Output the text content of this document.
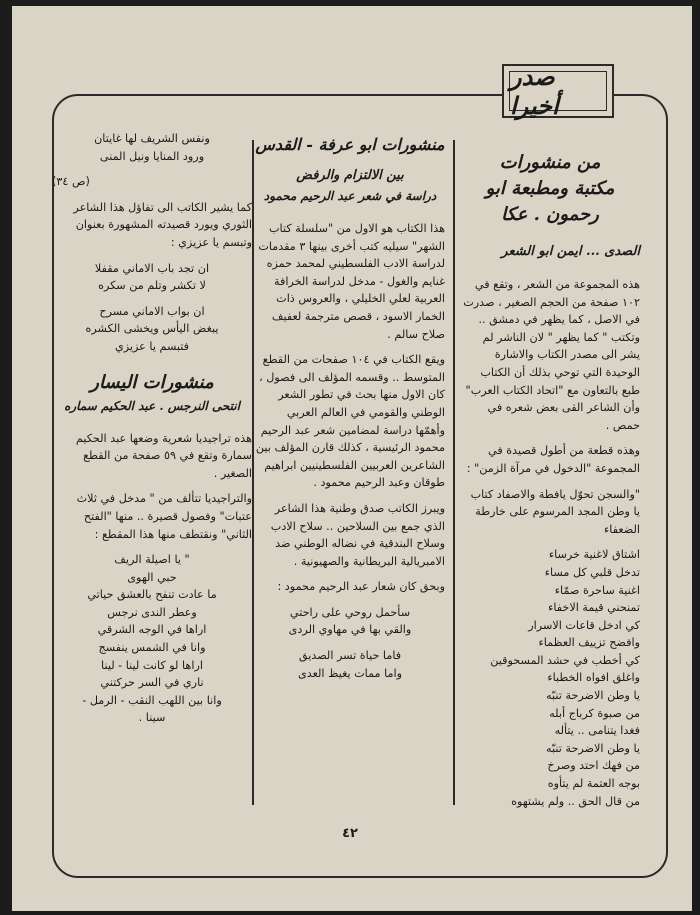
صدر أخيرا
من منشورات
مكتبة ومطبعة ابو رحمون . عكا
الصدى ... ايمن ابو الشعر

هذه المجموعة من الشعر ، وتقع في ١٠٢ صفحة من الحجم الصغير ، صدرت في الاصل ، كما يظهر في دمشق .. وتكتب " كما يظهر " لان الناشر لم يشر الى مصدر الكتاب والاشارة الوحيدة التي توحي بذلك أن الكتاب طبع بالتعاون مع "اتحاد الكتاب العرب" وأن الشاعر القى بعض شعره في حمص .

وهذه قطعة من أطول قصيدة في المجموعة "الدخول في مرآة الزمن" :

"والسجن تحوّل يافطة والاصفاد كتاب

يا وطن المجد المرسوم على خارطة الضعفاء

اشتاق لاغنية خرساء

تدخل قلبي كل مساء

اغنية ساحرة صمّاء

تمنحني قيمة الاخفاء

كي ادخل قاعات الاسرار

وافضح تزييف العظماء

كي أخطب في حشد المسحوقين

واغلق افواه الخطباء

يا وطن الاضرحة تنبّه

من صبوة كرباج أبله

فغدا يتنامى .. يتأله

يا وطن الاضرحة تنبّه

من فهك احتد وصرخ

بوجه العتمة لم يتأوه

من قال الحق .. ولم يشتهوه

منشورات ابو عرفة - القدس
بين الالتزام والرفض
دراسة في شعر عبد الرحيم محمود

هذا الكتاب هو الاول من "سلسلة كتاب الشهر" سيليه كتب أخرى بينها ٣ مقدمات لدراسة الادب الفلسطيني لمحمد حمزه غنايم والغول - مدخل لدراسة الخرافة العربية لعلي الخليلي ، والعروس ذات الخمار الاسود ، قصص مترجمة لعفيف صلاح سالم .

ويقع الكتاب في ١٠٤ صفحات من القطع المتوسط .. وقسمه المؤلف الى فصول ، كان الاول منها بحث في تطور الشعر الوطني والقومي في العالم العربي وأهمّها دراسة لمضامين شعر عبد الرحيم محمود الرئيسية ، كذلك قارن المؤلف بين الشاعرين العربيين الفلسطينيين ابراهيم طوقان وعبد الرحيم محمود .

ويبرز الكاتب صدق وطنية هذا الشاعر الذي جمع بين السلاحين .. سلاح الادب وسلاح البندقية في نضاله الوطني ضد الامبريالية البريطانية والصهيونية .

وبحق كان شعار عبد الرحيم محمود :

سأحمل روحي على راحتي

والقي بها في مهاوي الردى

فاما حياة تسر الصديق

واما ممات يغيظ العدى

ونفس الشريف لها غايتان

ورود المنايا ونيل المنى

(ص ٣٤)

كما يشير الكاتب الى تفاؤل هذا الشاعر الثوري ويورد قصيدته المشهورة بعنوان وتبسم يا عزيزي :

ان تجد باب الاماني مقفلا

لا تكشر وتلم من سكره

ان بواب الاماني مسرح

يبغض اليأس ويخشى الكشره

فتبسم يا عزيزي

منشورات اليسار
انتحى النرجس . عبد الحكيم سماره

هذه تراجيديا شعرية وضعها عبد الحكيم سمارة وتقع في ٥٩ صفحة من القطع الصغير .

والتراجيديا تتألف من " مدخل في ثلاث عتبات" وفصول قصيرة .. منها "الفتح الثاني" ونقتطف منها هذا المقطع :

" يا اصيلة الريف

حبي الهوى

ما عادت تنفح بالعشق حياتي

وعطر الندى نرجس

اراها في الوجه الشرقي

وانا في الشمس ينفسج

اراها لو كانت لينا - لينا

ناري في السر حركتني

وانا بين اللهب النقب - الرمل -

سينا .

٤٢
